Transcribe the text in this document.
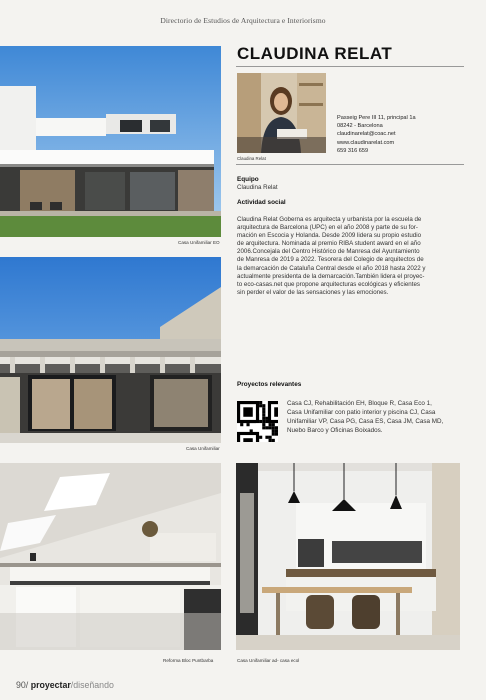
Directorio de Estudios de Arquitectura e Interiorismo
Casa Unifamiliar EO
Casa Unifamiliar
Reforma Bloc Puntbarba
CLAUDINA RELAT
Claudina Relat
Passeig Pere III 11, principal 1a
08242 - Barcelona
claudinarelat@coac.net
www.claudinarelat.com
659 316 659
Equipo
Claudina Relat
Actividad social
Claudina Relat Goberna es arquitecta y urbanista por la escuela de
arquitectura de Barcelona (UPC) en el año 2008 y parte de su for-
mación en Escocia y Holanda. Desde 2009 lidera su propio estudio
de arquitectura. Nominada al premio RIBA student award en el año
2006.Concejala del Centro Histórico de Manresa del Ayuntamiento
de Manresa de 2019 a 2022. Tesorera del Colegio de arquitectos de
la demarcación de Cataluña Central desde el año 2018 hasta 2022 y
actualmente presidenta de la demarcación.También lidera el proyec-
to eco-casas.net que propone arquitecturas ecológicas y eficientes
sin perder el valor de las sensaciones y las emociones.
Proyectos relevantes
Casa CJ, Rehabilitación EH, Bloque R, Casa Eco 1,
Casa Unifamiliar con patio interior y piscina CJ, Casa
Unifamiliar VP, Casa PG, Casa ES, Casa JM, Casa MD,
Nuebo Barco y Oficinas Boixados.
Casa Unifamiliar ad- casa ecol
90/ proyectar/diseñando
